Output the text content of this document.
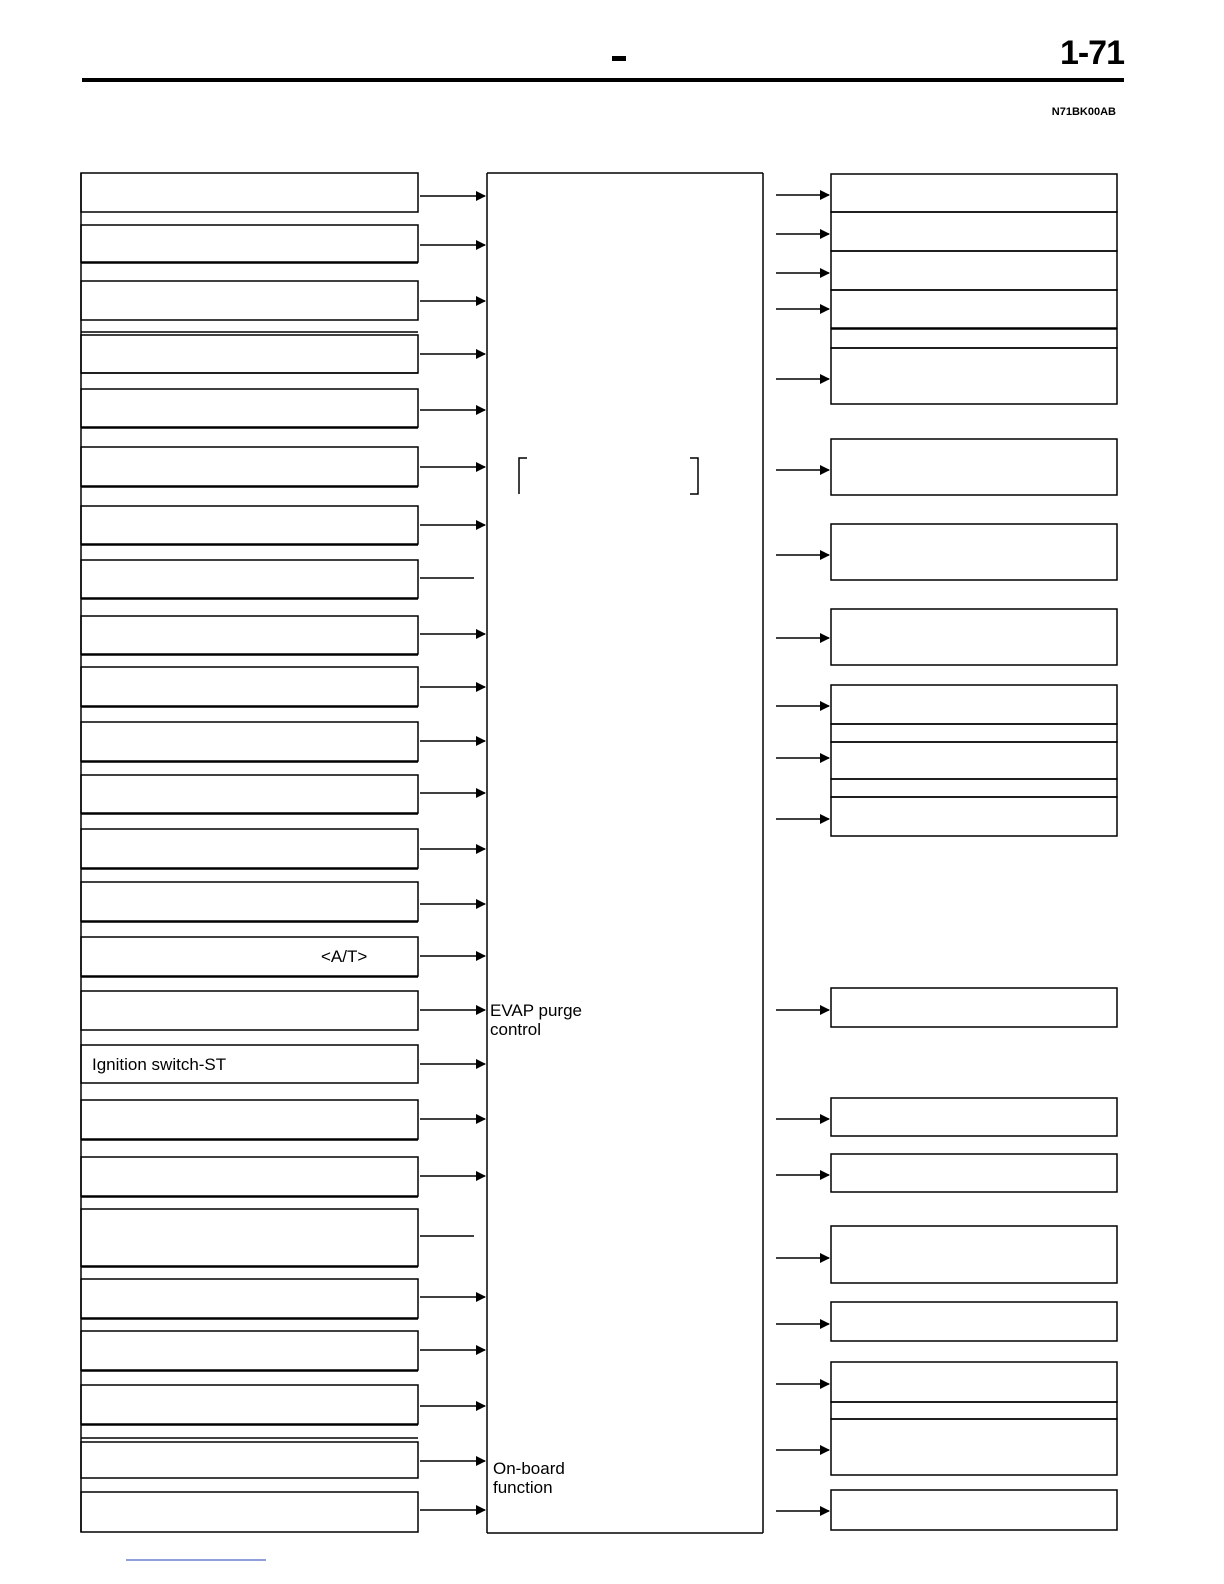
1-71
N71BK00AB
<A/T>
Ignition switch-ST
EVAP purge
control
On-board
function
